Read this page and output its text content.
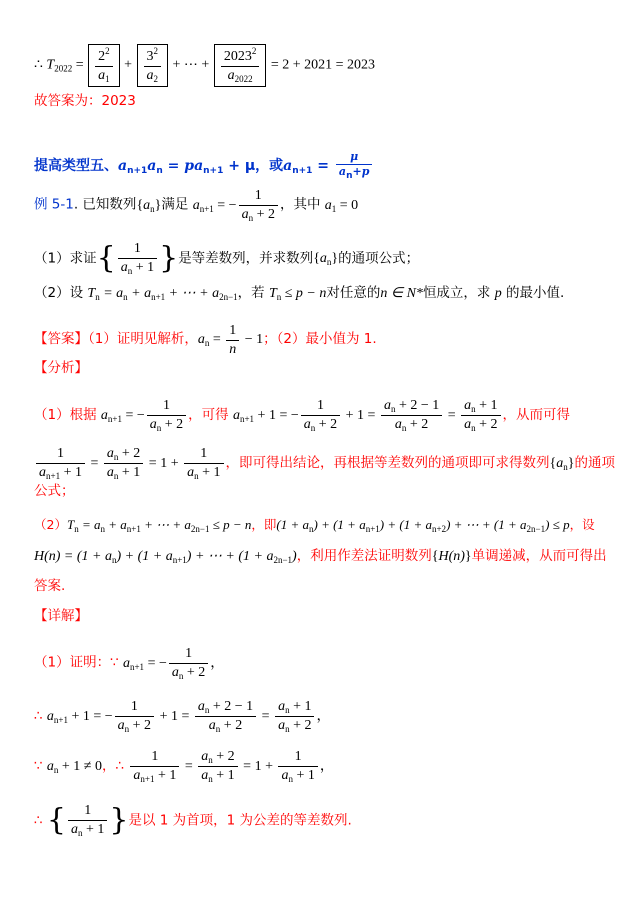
∴ $T_{2022} = \frac{2^2}{a_1} + \frac{3^2}{a_2}$ + ⋯ + $\frac{2023^2}{a_{2022}} = 2 + 2021 = 2023$
故答案为：2023
提高类型五、$a_{n+1}a_n = pa_{n+1} + \mu$，或$a_{n+1} = \frac{\mu}{a_n+p}$
例 5-1. 已知数列$\{a_n\}$满足 $a_{n+1}$ = − $\frac{1}{a_n + 2}$ ，其中 $a_1 = 0$
（1）求证{ $\frac{1}{a_n + 1}$ }是等差数列，并求数列$\{a_n\}$的通项公式；
（2）设 $T_n = a_n + a_{n+1}$ + ⋯ + $a_{2n-1}$，若 $T_n \le p - n$对任意的n ∈ N*恒成立，求 p 的最小值.
【答案】（1）证明见解析，$a_n = \frac{1}{n} - 1$；（2）最小值为 1.
【分析】
（1）根据 $a_{n+1}$ = − $\frac{1}{a_n + 2}$ ，可得 $a_{n+1} + 1$ = − $\frac{1}{a_n + 2} + 1 = \frac{a_n + 2 - 1}{a_n + 2} = \frac{a_n + 1}{a_n + 2}$ ，从而可得
$\frac{1}{a_{n+1} + 1} = \frac{a_n + 2}{a_n + 1} = 1 + \frac{1}{a_n + 1}$ ，即可得出结论，再根据等差数列的通项即可求得数列$\{a_n\}$的通项
公式；
$(2)T_n = a_n + a_{n+1}$ + ⋯ + $a_{2n-1} \le p - n$，即$(1 + a_n) + (1 + a_{n+1}) + (1 + a_{n+2})$ + ⋯ + $(1 + a_{2n-1}) \le p$，设
$H(n) = (1 + a_n) + (1 + a_{n+1})$ + ⋯ + $(1 + a_{2n-1})$，利用作差法证明数列{H(n)}单调递减，从而可得出
答案.
【详解】
（1）证明：∵ $a_{n+1}$ = − $\frac{1}{a_n + 2}$ ，
∴ $a_{n+1} + 1$ = − $\frac{1}{a_n + 2} + 1 = \frac{a_n + 2 - 1}{a_n + 2} = \frac{a_n + 1}{a_n + 2}$ ，
∵ $a_n + 1 \ne 0$，∴ $\frac{1}{a_{n+1} + 1} = \frac{a_n + 2}{a_n + 1} = 1 + \frac{1}{a_n + 1}$ ，
∴ { $\frac{1}{a_n + 1}$ }是以 1 为首项，1 为公差的等差数列.
